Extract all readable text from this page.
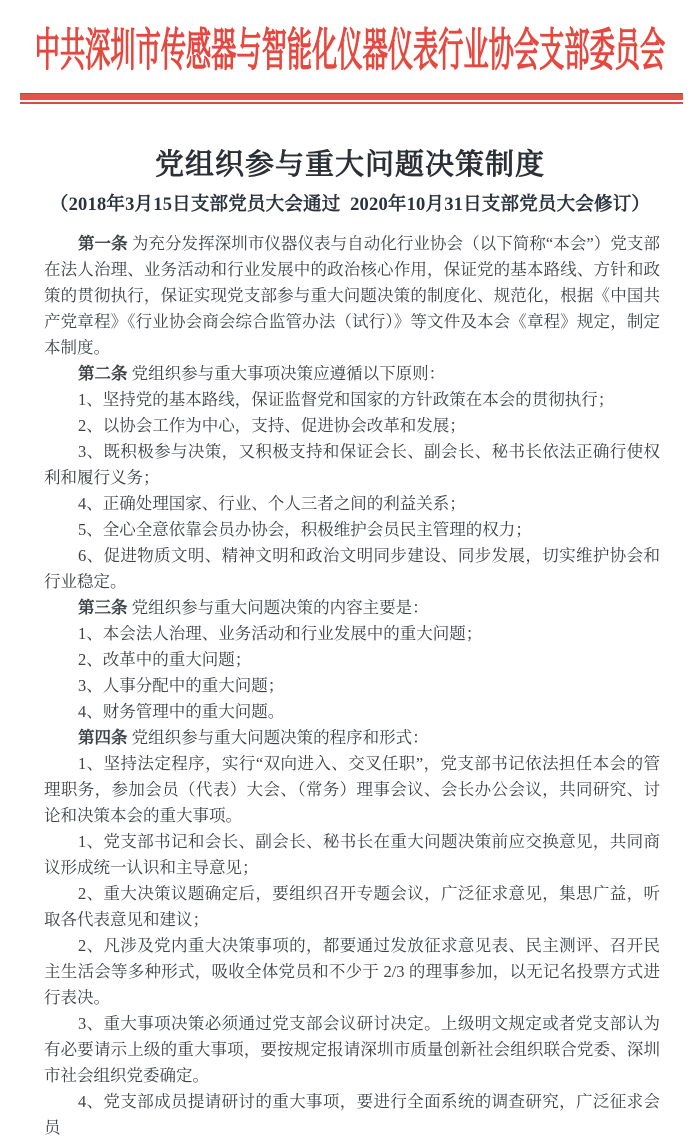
中共深圳市传感器与智能化仪器仪表行业协会支部委员会
党组织参与重大问题决策制度
（2018年3月15日支部党员大会通过  2020年10月31日支部党员大会修订）

第一条 为充分发挥深圳市仪器仪表与自动化行业协会（以下简称“本会”）党支部在法人治理、业务活动和行业发展中的政治核心作用，保证党的基本路线、方针和政策的贯彻执行，保证实现党支部参与重大问题决策的制度化、规范化，根据《中国共产党章程》《行业协会商会综合监管办法（试行）》等文件及本会《章程》规定，制定本制度。

第二条 党组织参与重大事项决策应遵循以下原则：

1、坚持党的基本路线，保证监督党和国家的方针政策在本会的贯彻执行；

2、以协会工作为中心，支持、促进协会改革和发展；

3、既积极参与决策，又积极支持和保证会长、副会长、秘书长依法正确行使权利和履行义务；

4、正确处理国家、行业、个人三者之间的利益关系；

5、全心全意依靠会员办协会，积极维护会员民主管理的权力；

6、促进物质文明、精神文明和政治文明同步建设、同步发展，切实维护协会和行业稳定。

第三条 党组织参与重大问题决策的内容主要是：

1、本会法人治理、业务活动和行业发展中的重大问题；

2、改革中的重大问题；

3、人事分配中的重大问题；

4、财务管理中的重大问题。

第四条 党组织参与重大问题决策的程序和形式：

1、坚持法定程序，实行“双向进入、交叉任职”，党支部书记依法担任本会的管理职务，参加会员（代表）大会、（常务）理事会议、会长办公会议，共同研究、讨论和决策本会的重大事项。

1、党支部书记和会长、副会长、秘书长在重大问题决策前应交换意见，共同商议形成统一认识和主导意见；

2、重大决策议题确定后，要组织召开专题会议，广泛征求意见，集思广益，听取各代表意见和建议；

2、凡涉及党内重大决策事项的，都要通过发放征求意见表、民主测评、召开民主生活会等多种形式，吸收全体党员和不少于 2/3 的理事参加，以无记名投票方式进行表决。

3、重大事项决策必须通过党支部会议研讨决定。上级明文规定或者党支部认为有必要请示上级的重大事项，要按规定报请深圳市质量创新社会组织联合党委、深圳市社会组织党委确定。

4、党支部成员提请研讨的重大事项，要进行全面系统的调查研究，广泛征求会员
